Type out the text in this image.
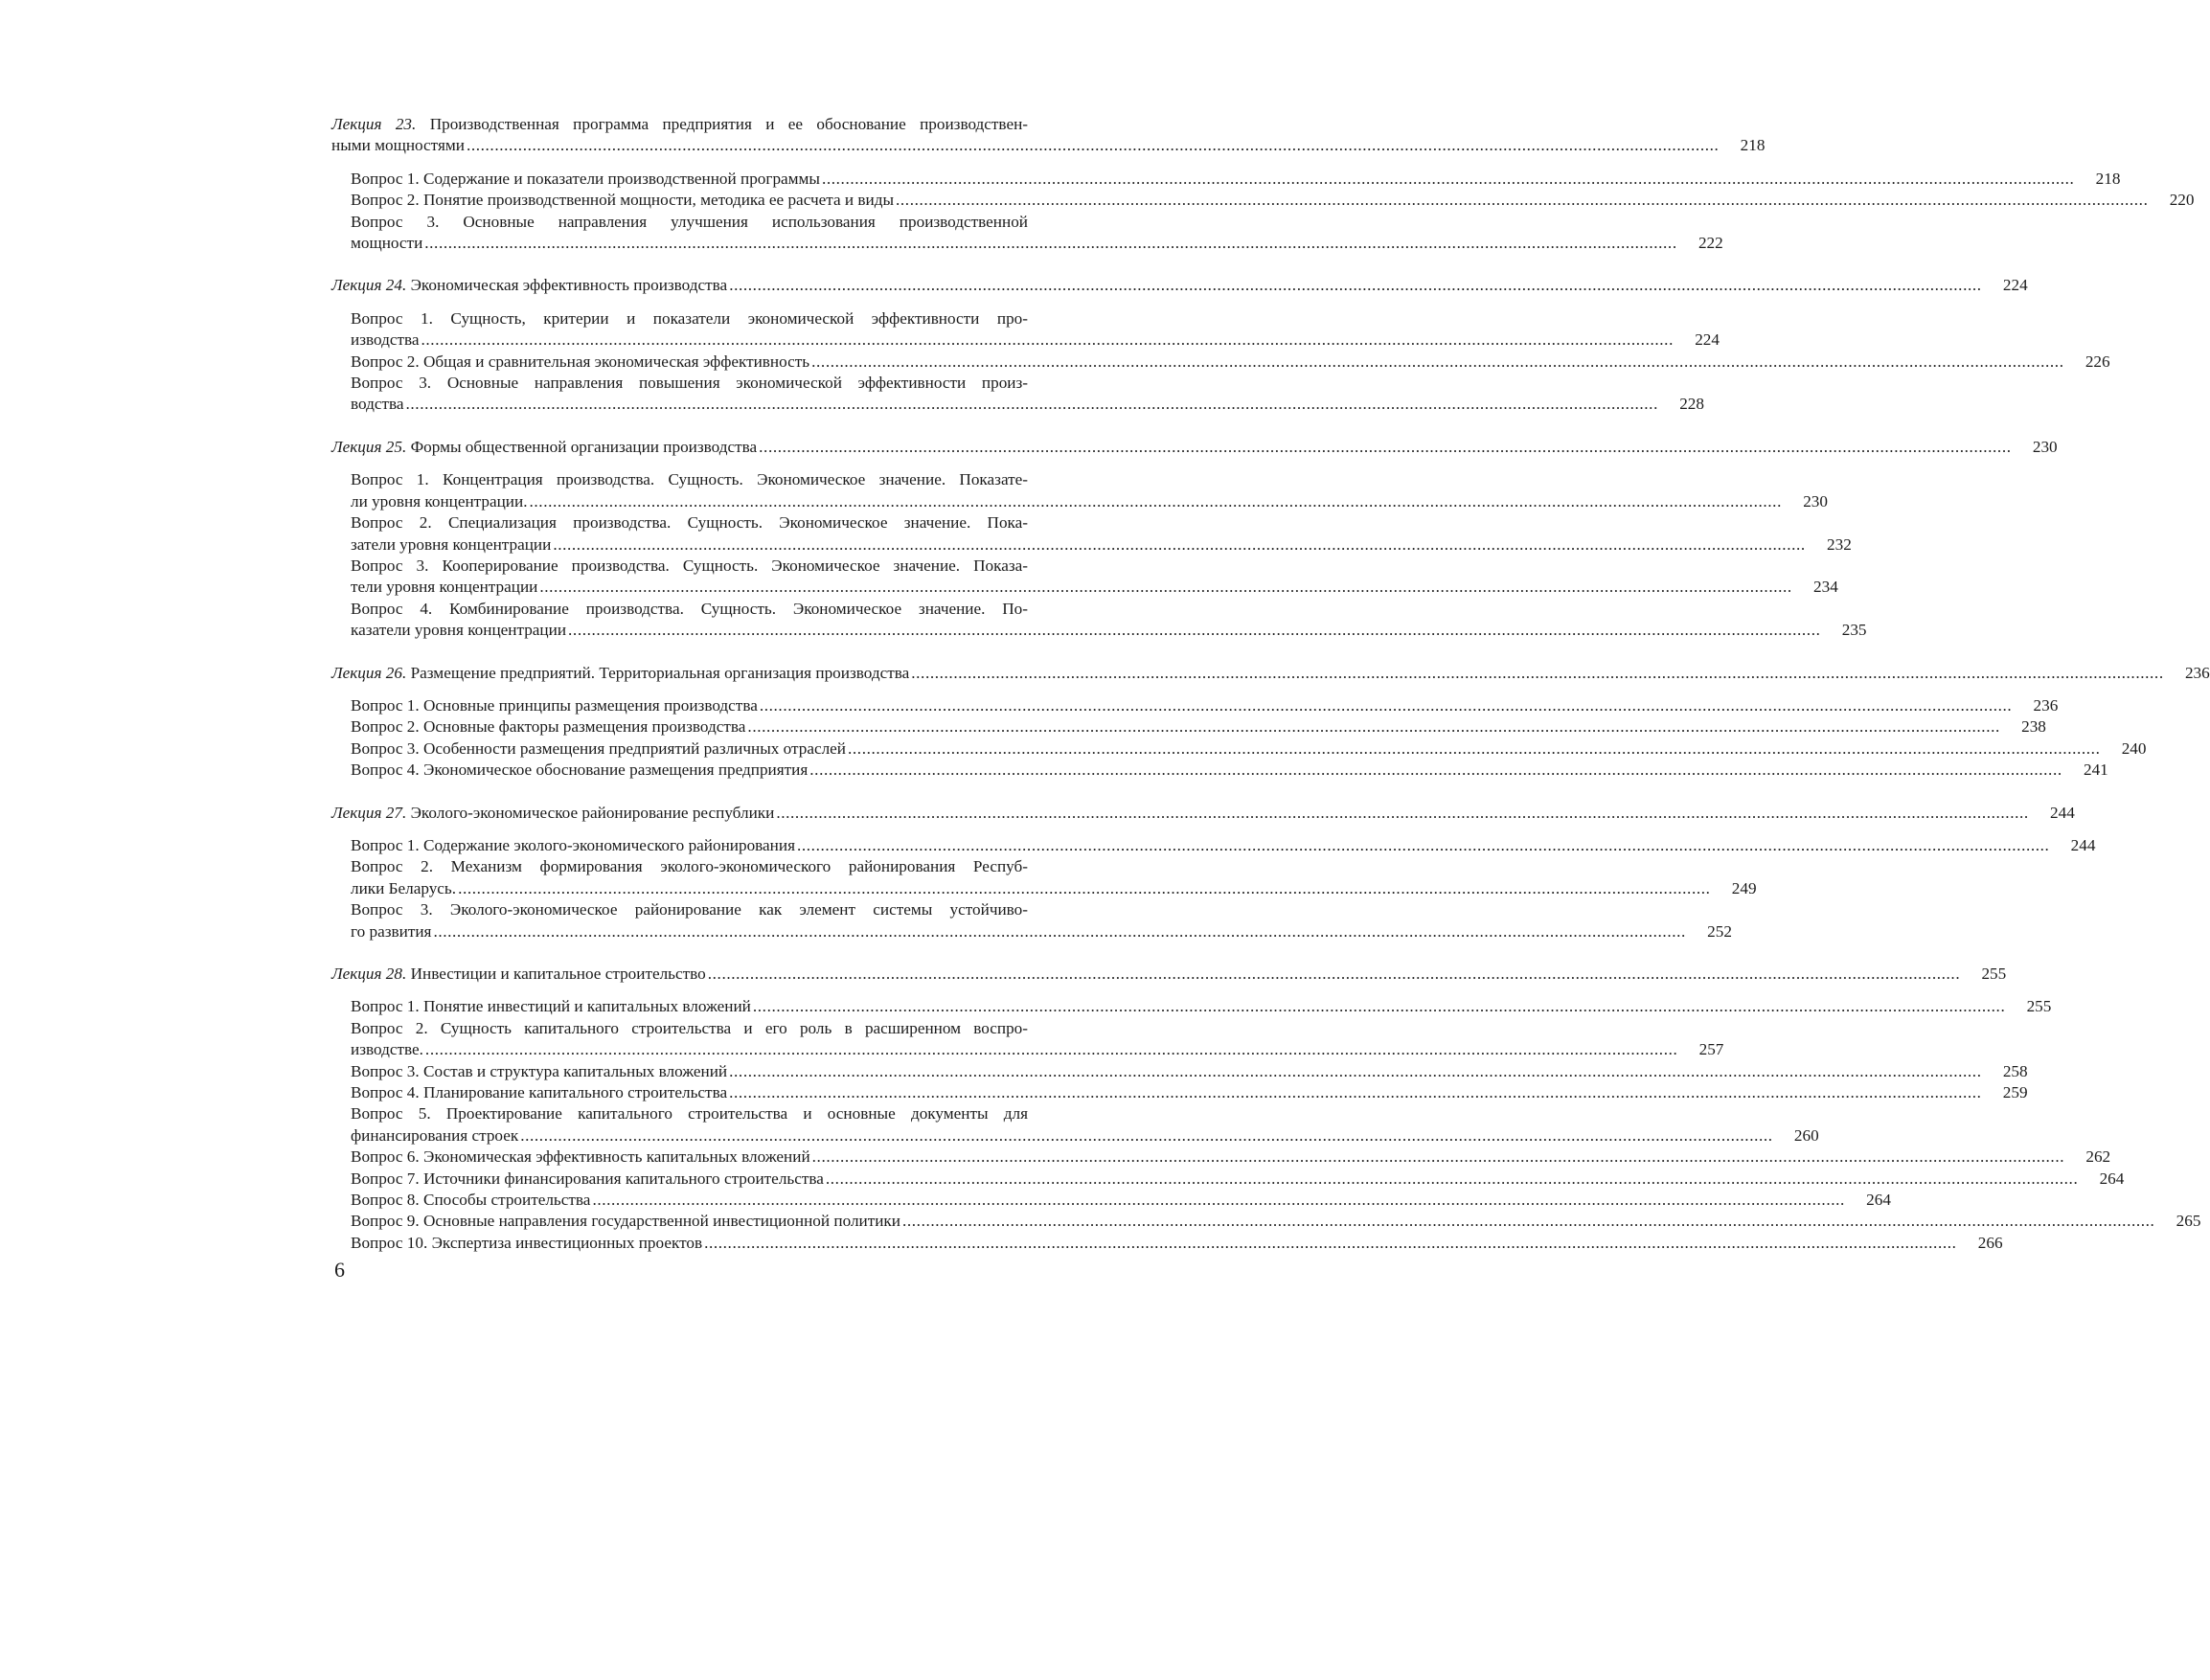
Лекция 23. Производственная программа предприятия и ее обоснование производствен-
ными мощностями ...........................................................................................................................................................................................................................................................................	218
Вопрос 1. Содержание и показатели производственной программы ...........................................................................................................................................................................................................................................................................	218
Вопрос 2. Понятие производственной мощности, методика ее расчета и виды ...........................................................................................................................................................................................................................................................................	220
Вопрос 3. Основные направления улучшения использования производственной
мощности ...........................................................................................................................................................................................................................................................................	222
Лекция 24. Экономическая эффективность производства ...........................................................................................................................................................................................................................................................................	224
Вопрос 1. Сущность, критерии и показатели экономической эффективности про-
изводства ...........................................................................................................................................................................................................................................................................	224
Вопрос 2. Общая и сравнительная экономическая эффективность ...........................................................................................................................................................................................................................................................................	226
Вопрос 3. Основные направления повышения экономической эффективности произ-
водства ...........................................................................................................................................................................................................................................................................	228
Лекция 25. Формы общественной организации производства ...........................................................................................................................................................................................................................................................................	230
Вопрос 1. Концентрация производства. Сущность. Экономическое значение. Показате-
ли уровня концентрации. ...........................................................................................................................................................................................................................................................................	230
Вопрос 2. Специализация производства. Сущность. Экономическое значение. Пока-
затели уровня концентрации ...........................................................................................................................................................................................................................................................................	232
Вопрос 3. Кооперирование производства. Сущность. Экономическое значение. Показа-
тели уровня концентрации ...........................................................................................................................................................................................................................................................................	234
Вопрос 4. Комбинирование производства. Сущность. Экономическое значение. По-
казатели уровня концентрации ...........................................................................................................................................................................................................................................................................	235
Лекция 26. Размещение предприятий. Территориальная организация производства ...........................................................................................................................................................................................................................................................................	236
Вопрос 1. Основные принципы размещения производства ...........................................................................................................................................................................................................................................................................	236
Вопрос 2. Основные факторы размещения производства ...........................................................................................................................................................................................................................................................................	238
Вопрос 3. Особенности размещения предприятий различных отраслей ...........................................................................................................................................................................................................................................................................	240
Вопрос 4. Экономическое обоснование размещения предприятия ...........................................................................................................................................................................................................................................................................	241
Лекция 27. Эколого-экономическое районирование республики ...........................................................................................................................................................................................................................................................................	244
Вопрос 1. Содержание эколого-экономического районирования ...........................................................................................................................................................................................................................................................................	244
Вопрос 2. Механизм формирования эколого-экономического районирования Респуб-
лики Беларусь. ...........................................................................................................................................................................................................................................................................	249
Вопрос 3. Эколого-экономическое районирование как элемент системы устойчиво-
го развития ...........................................................................................................................................................................................................................................................................	252
Лекция 28. Инвестиции и капитальное строительство ...........................................................................................................................................................................................................................................................................	255
Вопрос 1. Понятие инвестиций и капитальных вложений ...........................................................................................................................................................................................................................................................................	255
Вопрос 2. Сущность капитального строительства и его роль в расширенном воспро-
изводстве. ...........................................................................................................................................................................................................................................................................	257
Вопрос 3. Состав и структура капитальных вложений ...........................................................................................................................................................................................................................................................................	258
Вопрос 4. Планирование капитального строительства ...........................................................................................................................................................................................................................................................................	259
Вопрос 5. Проектирование капитального строительства и основные документы для
финансирования строек ...........................................................................................................................................................................................................................................................................	260
Вопрос 6. Экономическая эффективность капитальных вложений ...........................................................................................................................................................................................................................................................................	262
Вопрос 7. Источники финансирования капитального строительства ...........................................................................................................................................................................................................................................................................	264
Вопрос 8. Способы строительства ...........................................................................................................................................................................................................................................................................	264
Вопрос 9. Основные направления государственной инвестиционной политики ...........................................................................................................................................................................................................................................................................	265
Вопрос 10. Экспертиза инвестиционных проектов ...........................................................................................................................................................................................................................................................................	266
6
